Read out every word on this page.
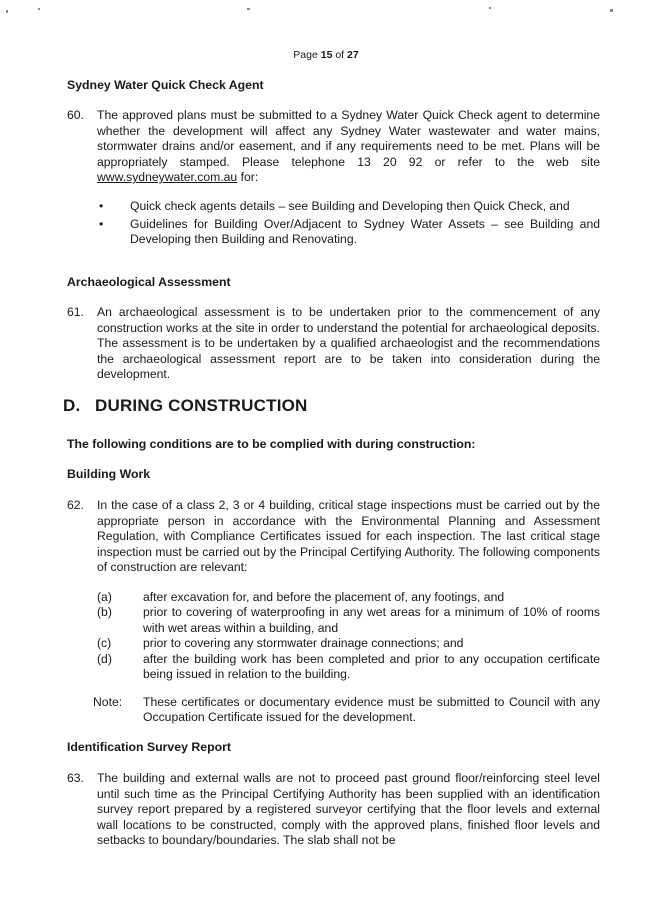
Page 15 of 27
Sydney Water Quick Check Agent
60. The approved plans must be submitted to a Sydney Water Quick Check agent to determine whether the development will affect any Sydney Water wastewater and water mains, stormwater drains and/or easement, and if any requirements need to be met. Plans will be appropriately stamped. Please telephone 13 20 92 or refer to the web site www.sydneywater.com.au for:
• Quick check agents details – see Building and Developing then Quick Check, and
• Guidelines for Building Over/Adjacent to Sydney Water Assets – see Building and Developing then Building and Renovating.
Archaeological Assessment
61. An archaeological assessment is to be undertaken prior to the commencement of any construction works at the site in order to understand the potential for archaeological deposits. The assessment is to be undertaken by a qualified archaeologist and the recommendations the archaeological assessment report are to be taken into consideration during the development.
D. DURING CONSTRUCTION
The following conditions are to be complied with during construction:
Building Work
62. In the case of a class 2, 3 or 4 building, critical stage inspections must be carried out by the appropriate person in accordance with the Environmental Planning and Assessment Regulation, with Compliance Certificates issued for each inspection. The last critical stage inspection must be carried out by the Principal Certifying Authority. The following components of construction are relevant:
(a)	after excavation for, and before the placement of, any footings, and
(b)	prior to covering of waterproofing in any wet areas for a minimum of 10% of rooms with wet areas within a building, and
(c)	prior to covering any stormwater drainage connections; and
(d)	after the building work has been completed and prior to any occupation certificate being issued in relation to the building.
Note: These certificates or documentary evidence must be submitted to Council with any Occupation Certificate issued for the development.
Identification Survey Report
63. The building and external walls are not to proceed past ground floor/reinforcing steel level until such time as the Principal Certifying Authority has been supplied with an identification survey report prepared by a registered surveyor certifying that the floor levels and external wall locations to be constructed, comply with the approved plans, finished floor levels and setbacks to boundary/boundaries. The slab shall not be
